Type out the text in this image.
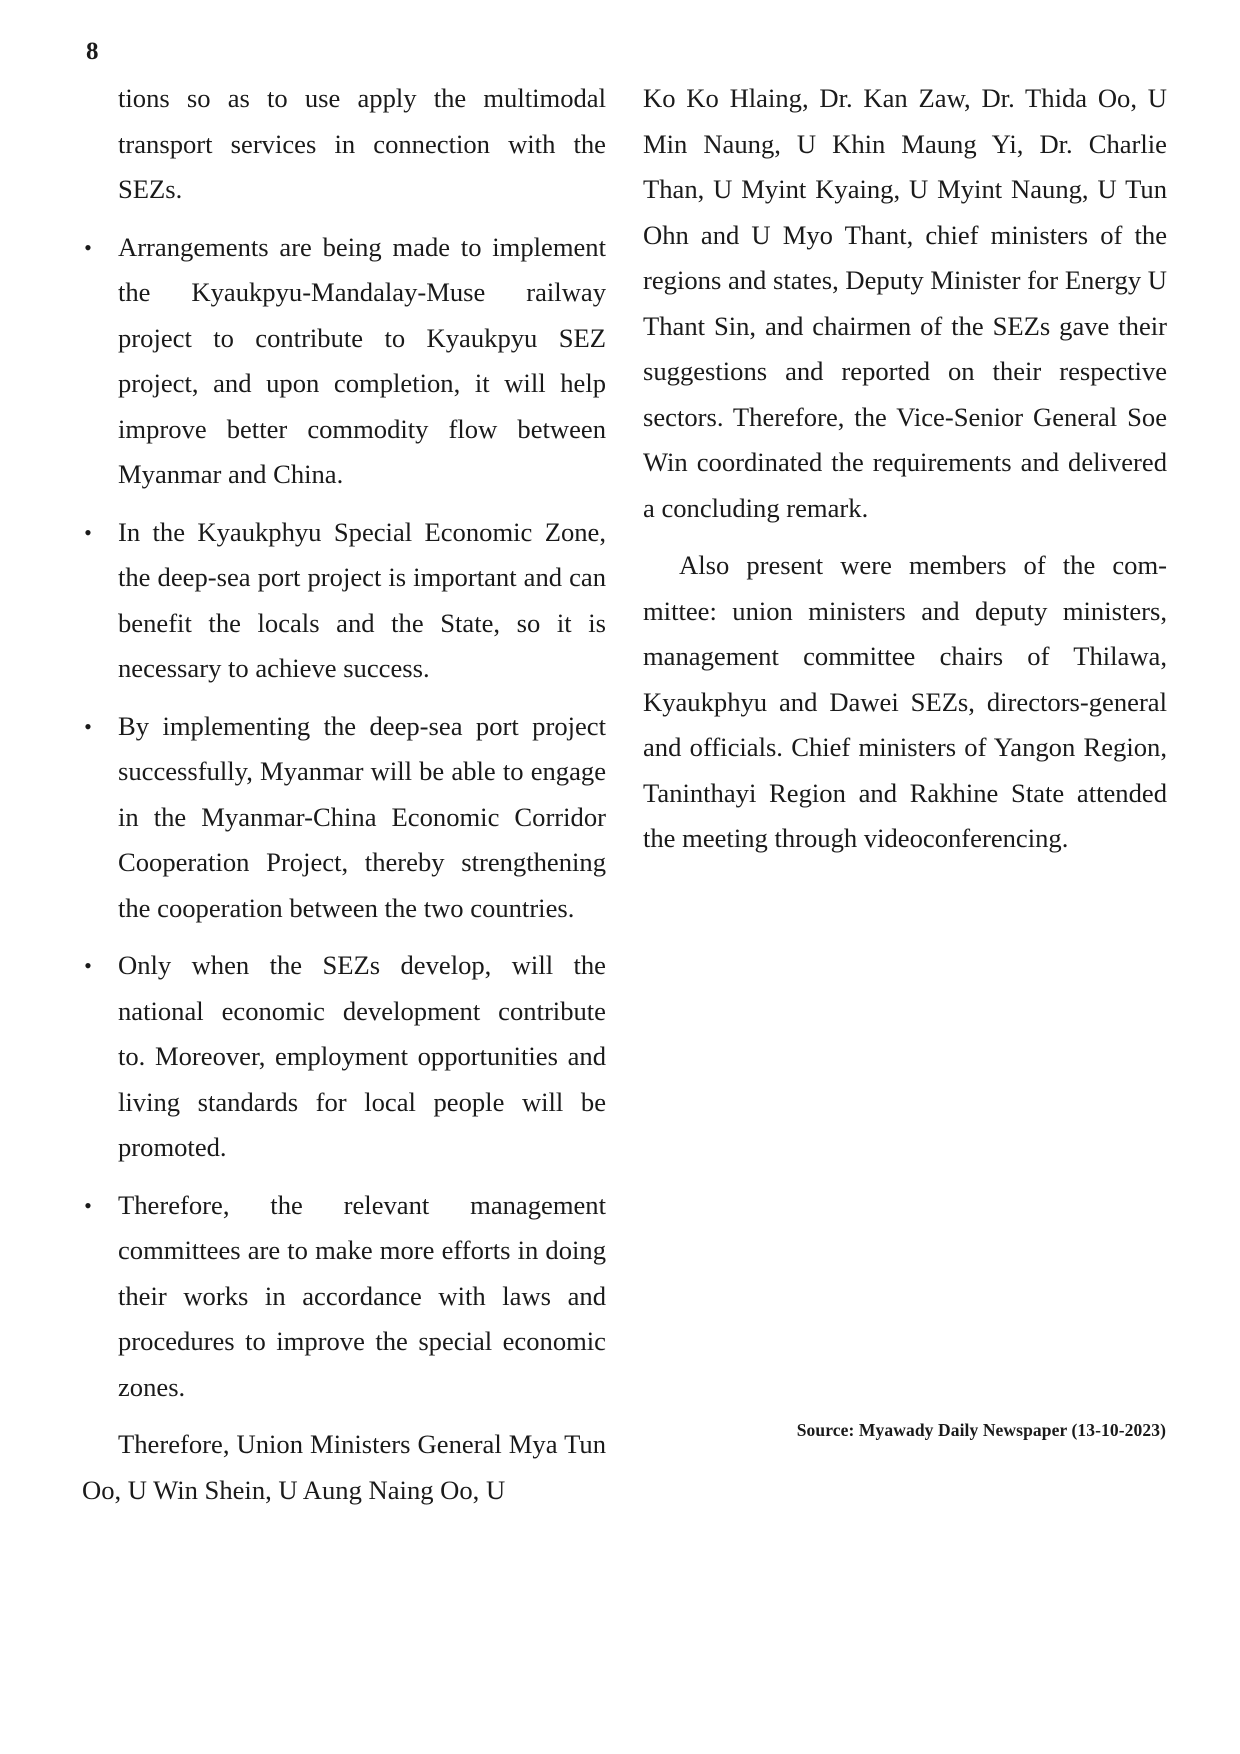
8

tions so as to use apply the multimodal transport services in connection with the SEZs.

• Arrangements are being made to implement the Kyaukpyu-Mandalay-Muse railway project to contribute to Kyaukpyu SEZ project, and upon completion, it will help improve better commodity flow between Myanmar and China.

• In the Kyaukphyu Special Economic Zone, the deep-sea port project is important and can benefit the locals and the State, so it is necessary to achieve success.

• By implementing the deep-sea port project successfully, Myanmar will be able to engage in the Myanmar-China Economic Corridor Cooperation Project, thereby strengthening the cooperation between the two countries.

• Only when the SEZs develop, will the national economic development contribute to. Moreover, employment opportunities and living standards for local people will be promoted.

• Therefore, the relevant management committees are to make more efforts in doing their works in accordance with laws and procedures to improve the special economic zones.

Therefore, Union Ministers General Mya Tun Oo, U Win Shein, U Aung Naing Oo, U

Ko Ko Hlaing, Dr. Kan Zaw, Dr. Thida Oo, U Min Naung, U Khin Maung Yi, Dr. Charlie Than, U Myint Kyaing, U Myint Naung, U Tun Ohn and U Myo Thant, chief ministers of the regions and states, Deputy Minister for Energy U Thant Sin, and chairmen of the SEZs gave their suggestions and reported on their respective sectors. Therefore, the Vice-Senior General Soe Win coordinated the requirements and delivered a concluding remark.

Also present were members of the committee: union ministers and deputy ministers, management committee chairs of Thilawa, Kyaukphyu and Dawei SEZs, directors-general and officials. Chief ministers of Yangon Region, Taninthayi Region and Rakhine State attended the meeting through videoconferencing.

Source: Myawady Daily Newspaper (13-10-2023)
